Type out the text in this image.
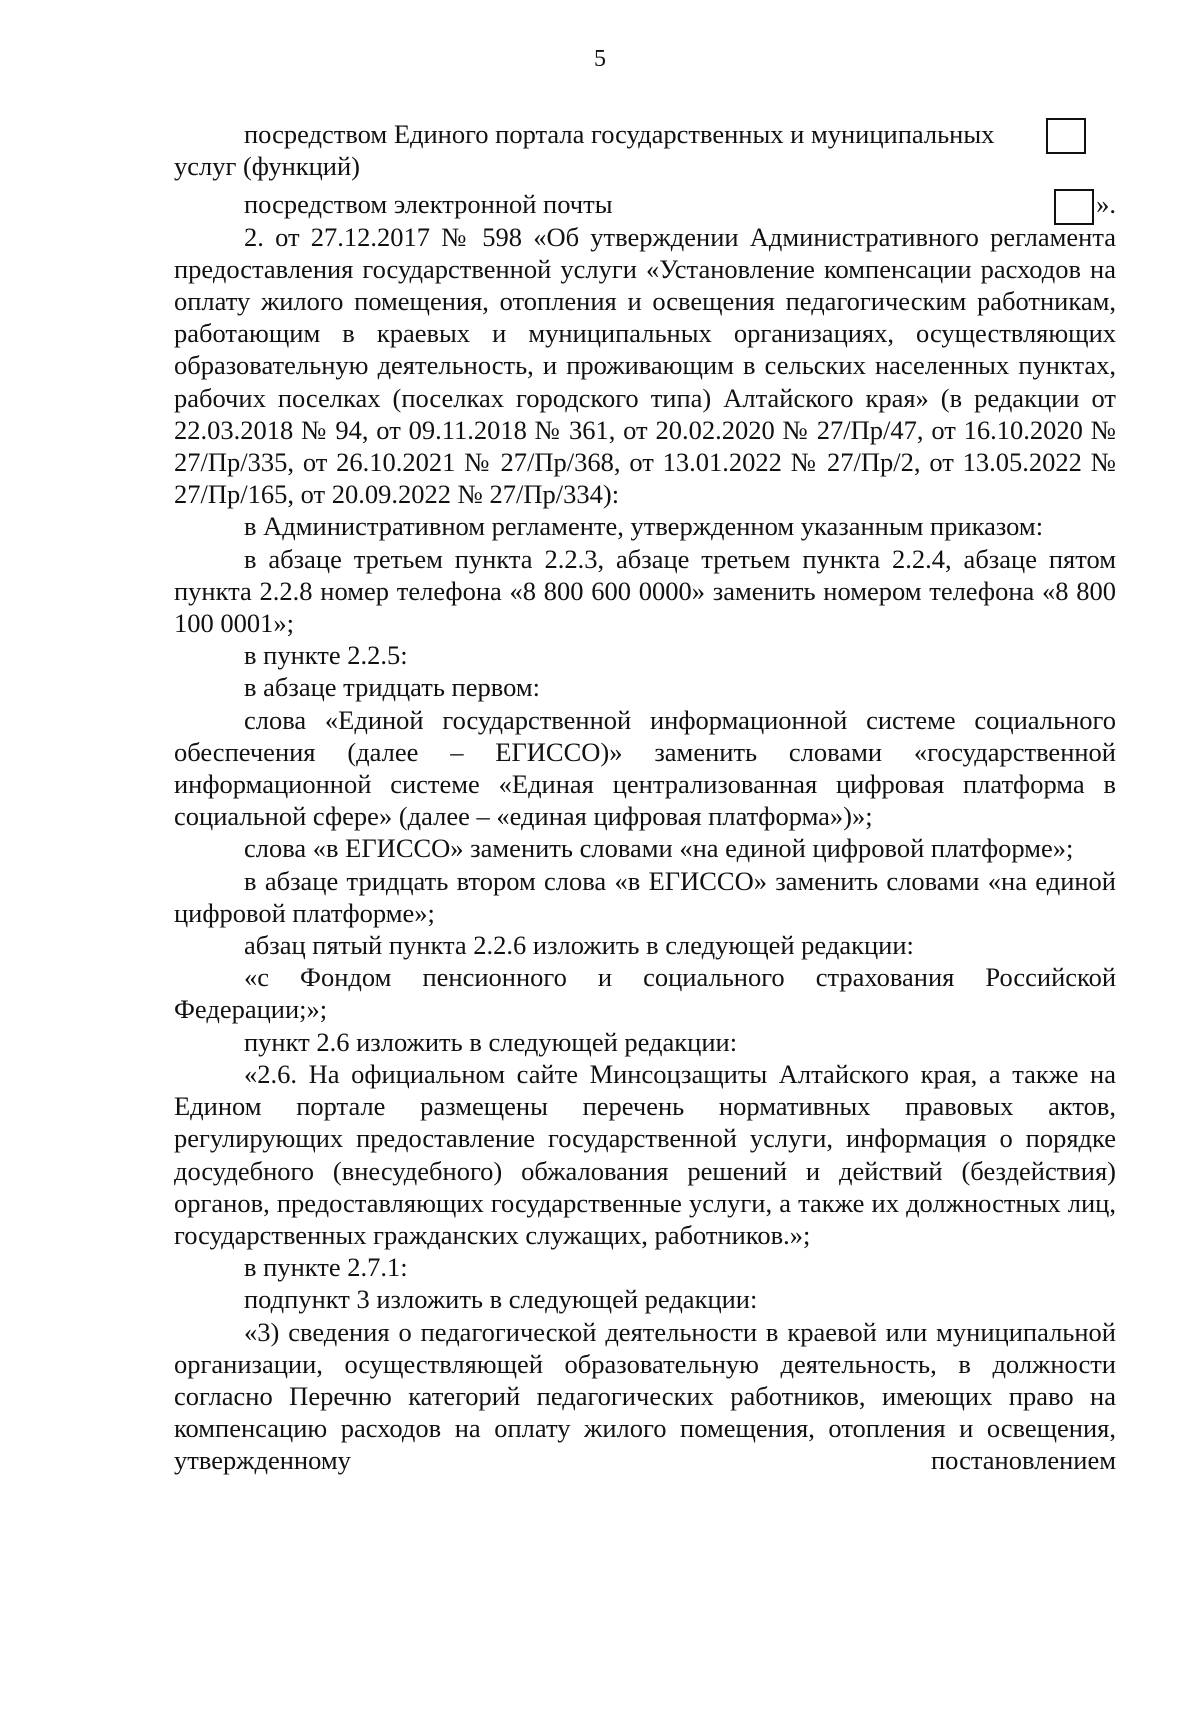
5

посредством Единого портала государственных и муниципальных услуг (функций)

посредством электронной почты	».

2. от 27.12.2017 № 598 «Об утверждении Административного регламента предоставления государственной услуги «Установление компенсации расходов на оплату жилого помещения, отопления и освещения педагогическим работникам, работающим в краевых и муниципальных организациях, осуществляющих образовательную деятельность, и проживающим в сельских населенных пунктах, рабочих поселках (поселках городского типа) Алтайского края» (в редакции от 22.03.2018 № 94, от 09.11.2018 № 361, от 20.02.2020 № 27/Пр/47, от 16.10.2020 № 27/Пр/335, от 26.10.2021 № 27/Пр/368, от 13.01.2022 № 27/Пр/2, от 13.05.2022 № 27/Пр/165, от 20.09.2022 № 27/Пр/334):

в Административном регламенте, утвержденном указанным приказом:

в абзаце третьем пункта 2.2.3, абзаце третьем пункта 2.2.4, абзаце пятом пункта 2.2.8 номер телефона «8 800 600 0000» заменить номером телефона «8 800 100 0001»;

в пункте 2.2.5:

в абзаце тридцать первом:

слова «Единой государственной информационной системе социального обеспечения (далее – ЕГИССО)» заменить словами «государственной информационной системе «Единая централизованная цифровая платформа в социальной сфере» (далее – «единая цифровая платформа»)»;

слова «в ЕГИССО» заменить словами «на единой цифровой платформе»;

в абзаце тридцать втором слова «в ЕГИССО» заменить словами «на единой цифровой платформе»;

абзац пятый пункта 2.2.6 изложить в следующей редакции:

«с Фондом пенсионного и социального страхования Российской Федерации;»;

пункт 2.6 изложить в следующей редакции:

«2.6. На официальном сайте Минсоцзащиты Алтайского края, а также на Едином портале размещены перечень нормативных правовых актов, регулирующих предоставление государственной услуги, информация о порядке досудебного (внесудебного) обжалования решений и действий (бездействия) органов, предоставляющих государственные услуги, а также их должностных лиц, государственных гражданских служащих, работников.»;

в пункте 2.7.1:

подпункт 3 изложить в следующей редакции:

«3) сведения о педагогической деятельности в краевой или муниципальной организации, осуществляющей образовательную деятельность, в должности согласно Перечню категорий педагогических работников, имеющих право на компенсацию расходов на оплату жилого помещения, отопления и освещения, утвержденному постановлением
